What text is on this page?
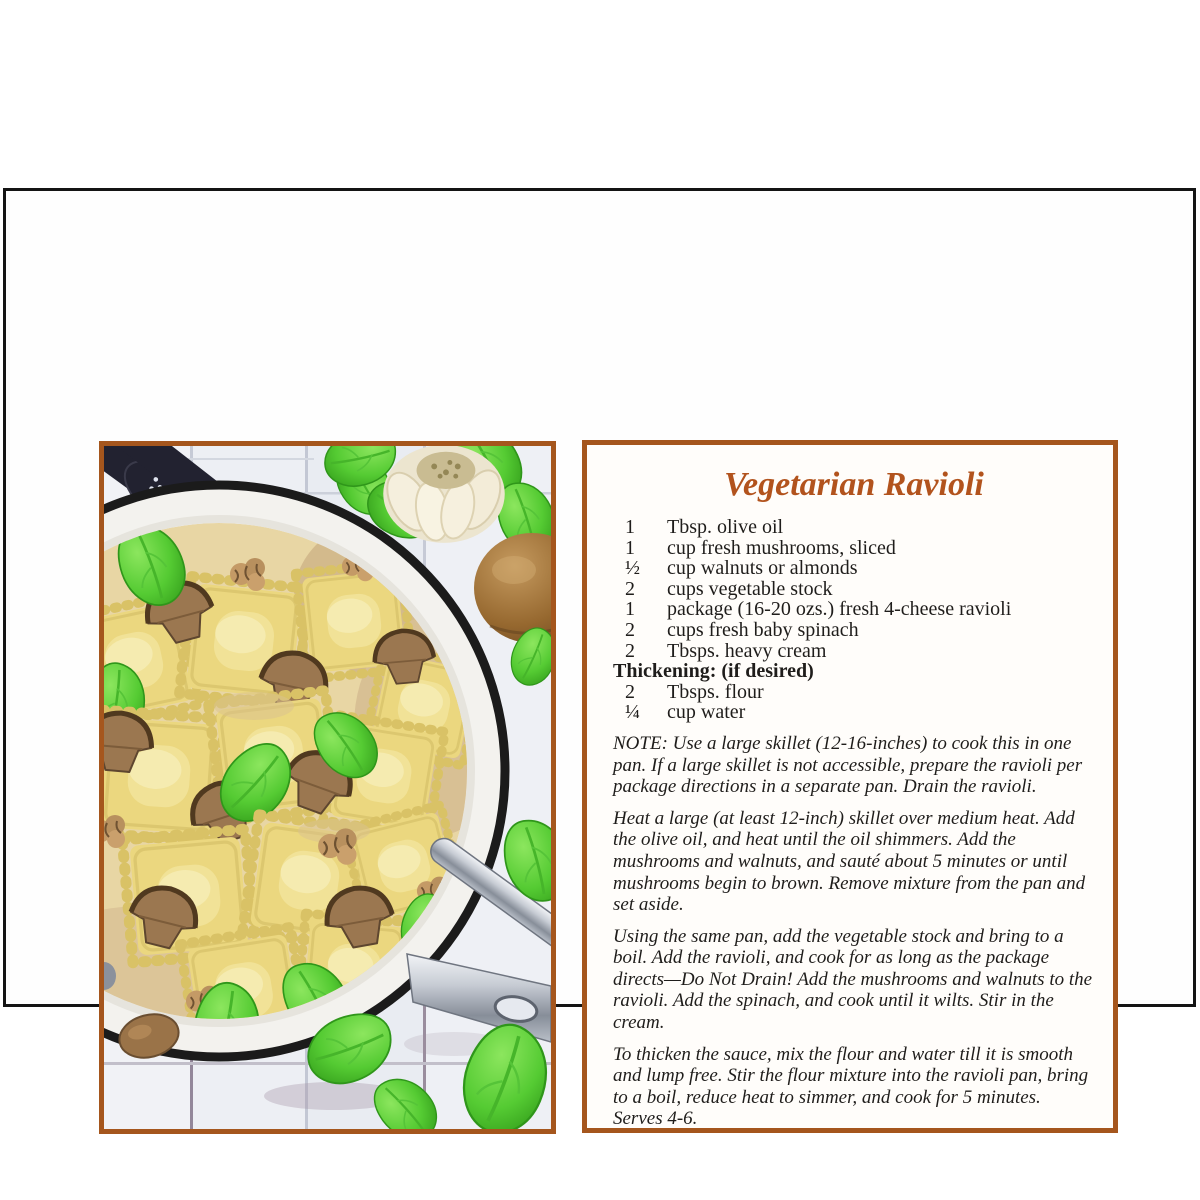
Vegetarian Ravioli
1	Tbsp. olive oil
1	cup fresh mushrooms, sliced
½	cup walnuts or almonds
2	cups vegetable stock
1	package (16-20 ozs.) fresh 4-cheese ravioli
2	cups fresh baby spinach
2	Tbsps. heavy cream
Thickening: (if desired)
2	Tbsps. flour
¼	cup water

NOTE: Use a large skillet (12-16-inches) to cook this in one pan. If a large skillet is not accessible, prepare the ravioli per package directions in a separate pan. Drain the ravioli.

Heat a large (at least 12-inch) skillet over medium heat. Add the olive oil, and heat until the oil shimmers. Add the mushrooms and walnuts, and sauté about 5 minutes or until mushrooms begin to brown. Remove mixture from the pan and set aside.

Using the same pan, add the vegetable stock and bring to a boil. Add the ravioli, and cook for as long as the package directs—Do Not Drain! Add the mushrooms and walnuts to the ravioli. Add the spinach, and cook until it wilts. Stir in the cream.

To thicken the sauce, mix the flour and water till it is smooth and lump free. Stir the flour mixture into the ravioli pan, bring to a boil, reduce heat to simmer, and cook for 5 minutes. Serves 4-6.
